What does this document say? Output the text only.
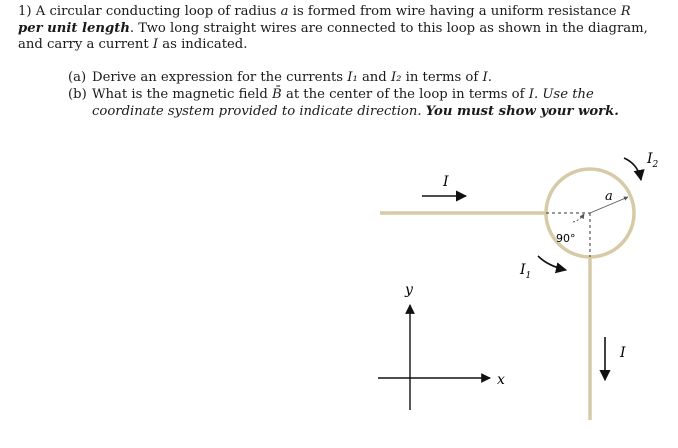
1) A circular conducting loop of radius a is formed from wire having a uniform resistance R
per unit length. Two long straight wires are connected to this loop as shown in the diagram, and carry a current I as indicated.
(a) Derive an expression for the currents I₁ and I₂ in terms of I.
(b) What is the magnetic field B̄ at the center of the loop in terms of I. Use the
coordinate system provided to indicate direction. You must show your work.
90°
a
I
I
$I_1$
$I_2$
y
x
